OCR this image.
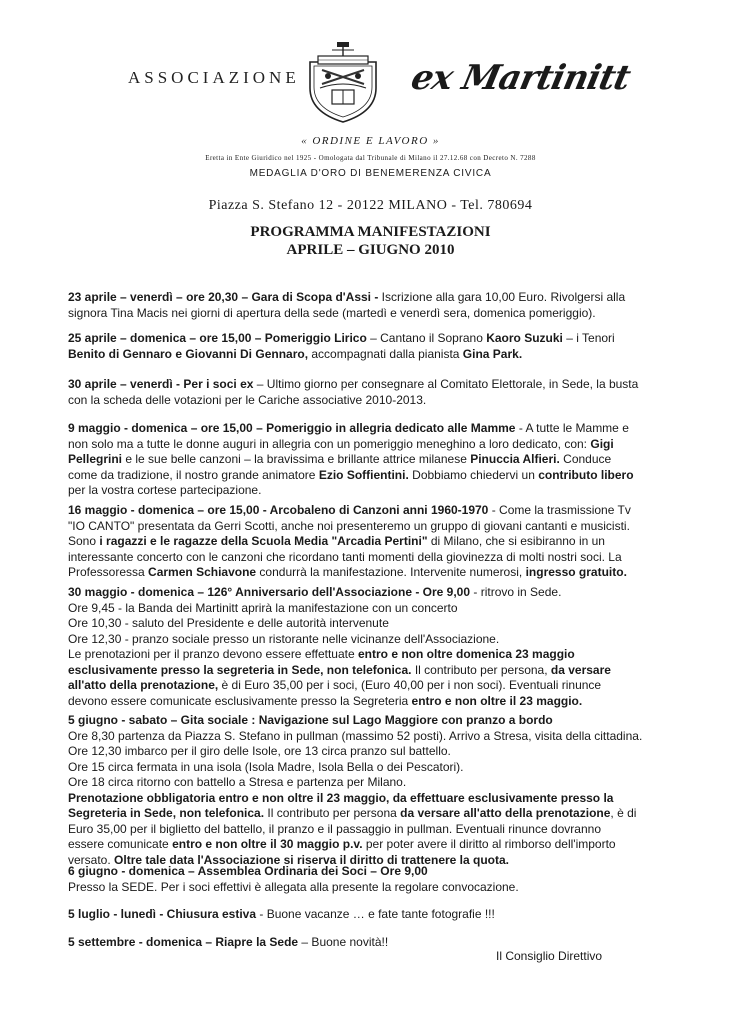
ASSOCIAZIONE	ex Martinitt
« ORDINE E LAVORO »
Eretta in Ente Giuridico nel 1925 - Omologata dal Tribunale di Milano il 27.12.68 con Decreto N. 7288
MEDAGLIA D'ORO DI BENEMERENZA CIVICA
Piazza S. Stefano 12 - 20122 MILANO - Tel. 780694
PROGRAMMA MANIFESTAZIONI
APRILE – GIUGNO 2010
23 aprile – venerdì – ore 20,30 – Gara di Scopa d'Assi - Iscrizione alla gara 10,00 Euro. Rivolgersi alla
signora Tina Macis nei giorni di apertura della sede (martedì e venerdì sera, domenica pomeriggio).
25 aprile – domenica – ore 15,00 – Pomeriggio Lirico – Cantano il Soprano Kaoro Suzuki – i Tenori
Benito di Gennaro e Giovanni Di Gennaro, accompagnati dalla pianista Gina Park.
30 aprile – venerdì - Per i soci ex – Ultimo giorno per consegnare al Comitato Elettorale, in Sede, la busta
con la scheda delle votazioni per le Cariche associative 2010-2013.
9 maggio - domenica – ore 15,00 – Pomeriggio in allegria dedicato alle Mamme - A tutte le Mamme e
non solo ma a tutte le donne auguri in allegria con un pomeriggio meneghino a loro dedicato, con: Gigi
Pellegrini e le sue belle canzoni – la bravissima e brillante attrice milanese Pinuccia Alfieri. Conduce
come da tradizione, il nostro grande animatore Ezio Soffientini. Dobbiamo chiedervi un contributo libero
per la vostra cortese partecipazione.
16 maggio - domenica – ore 15,00 - Arcobaleno di Canzoni anni 1960-1970 - Come la trasmissione Tv
"IO CANTO" presentata da Gerri Scotti, anche noi presenteremo un gruppo di giovani cantanti e musicisti.
Sono i ragazzi e le ragazze della Scuola Media "Arcadia Pertini" di Milano, che si esibiranno in un
interessante concerto con le canzoni che ricordano tanti momenti della giovinezza di molti nostri soci. La
Professoressa Carmen Schiavone condurrà la manifestazione. Intervenite numerosi, ingresso gratuito.
30 maggio - domenica – 126° Anniversario dell'Associazione - Ore 9,00 - ritrovo in Sede.
Ore 9,45 - la Banda dei Martinitt aprirà la manifestazione con un concerto
Ore 10,30 - saluto del Presidente e delle autorità intervenute
Ore 12,30 - pranzo sociale presso un ristorante nelle vicinanze dell'Associazione.
Le prenotazioni per il pranzo devono essere effettuate entro e non oltre domenica 23 maggio
esclusivamente presso la segreteria in Sede, non telefonica. Il contributo per persona, da versare
all'atto della prenotazione, è di Euro 35,00 per i soci, (Euro 40,00 per i non soci). Eventuali rinunce
devono essere comunicate esclusivamente presso la Segreteria entro e non oltre il 23 maggio.
5 giugno - sabato – Gita sociale : Navigazione sul Lago Maggiore con pranzo a bordo
Ore 8,30 partenza da Piazza S. Stefano in pullman (massimo 52 posti). Arrivo a Stresa, visita della cittadina.
Ore 12,30 imbarco per il giro delle Isole, ore 13 circa pranzo sul battello.
Ore 15 circa fermata in una isola (Isola Madre, Isola Bella o dei Pescatori).
Ore 18 circa ritorno con battello a Stresa e partenza per Milano.
Prenotazione obbligatoria entro e non oltre il 23 maggio, da effettuare esclusivamente presso la
Segreteria in Sede, non telefonica. Il contributo per persona da versare all'atto della prenotazione, è di
Euro 35,00 per il biglietto del battello, il pranzo e il passaggio in pullman. Eventuali rinunce dovranno
essere comunicate entro e non oltre il 30 maggio p.v. per poter avere il diritto al rimborso dell'importo
versato. Oltre tale data l'Associazione si riserva il diritto di trattenere la quota.
6 giugno - domenica – Assemblea Ordinaria dei Soci – Ore 9,00
Presso la SEDE. Per i soci effettivi è allegata alla presente la regolare convocazione.
5 luglio - lunedì - Chiusura estiva - Buone vacanze … e fate tante fotografie !!!
5 settembre - domenica – Riapre la Sede – Buone novità!!
Il Consiglio Direttivo
